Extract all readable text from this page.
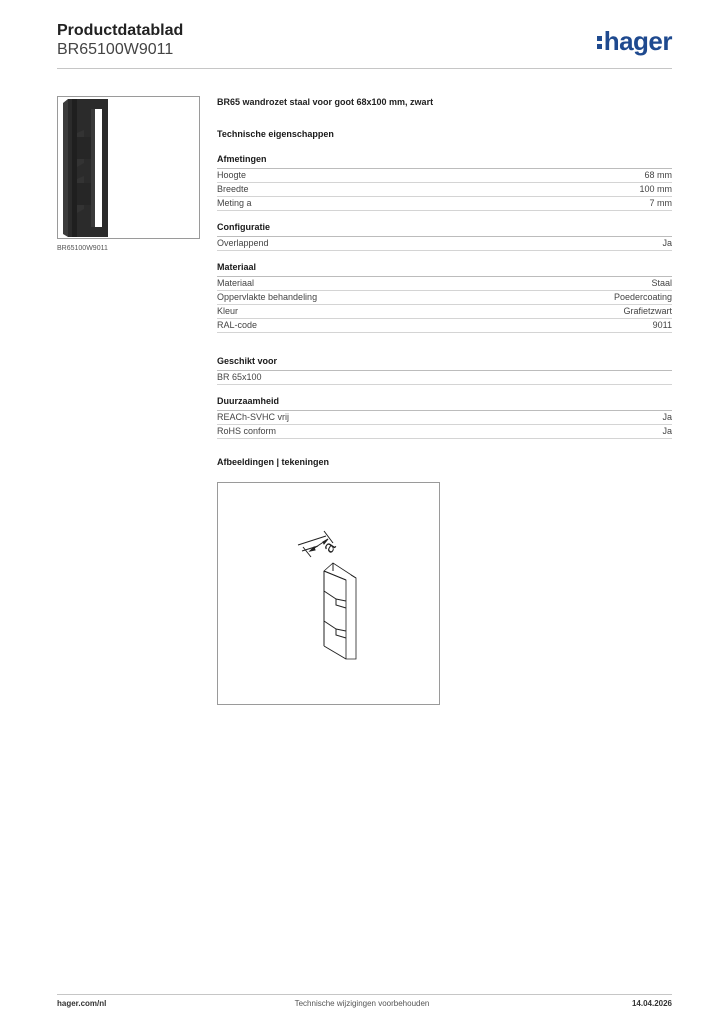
Productdatablad
BR65100W9011	hager
BR65100W9011
BR65 wandrozet staal voor goot 68x100 mm, zwart
Technische eigenschappen
Afmetingen
Hoogte	68 mm
Breedte	100 mm
Meting a	7 mm
Configuratie
Overlappend	Ja
Materiaal
Materiaal	Staal
Oppervlakte behandeling	Poedercoating
Kleur	Grafietzwart
RAL-code	9011
Geschikt voor
BR 65x100
Duurzaamheid
REACh-SVHC vrij	Ja
RoHS conform	Ja
Afbeeldingen | tekeningen
a
hager.com/nl	Technische wijzigingen voorbehouden	14.04.2026
